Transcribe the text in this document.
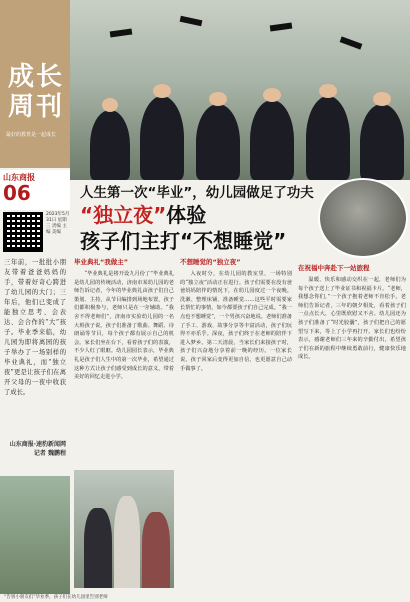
成长
周刊
最好的教育是一起成长
山东商报
06
2023年5月31日 星期三 责编 主编 美编
三年前，一批批小朋友带着爸爸妈妈的手，带着好奇心跨进了幼儿园的大门；三年后，他们已变成了能独立思考、会表达、会合作的“大”孩子。毕业季来临，幼儿园为即将离园的孩子举办了一场别样的毕业典礼，而“独立夜”更是让孩子们在离开父母的一夜中收获了成长。
山东商报·速豹新闻网记者 魏鹏程
人生第一次“毕业”，幼儿园做足了功夫
“独立夜”体验
孩子们主打“不想睡觉”
毕业典礼“我做主”

“毕业典礼是将开设九月份了”毕业典礼是幼儿园的传统活动，济南市某幼儿园的老师告诉记者，今年的毕业典礼由孩子们自己策划、主持，从节目编排到场地布置，孩子们都积极参与，老师只是在一旁辅助。“我舍不得老师们”，济南市实验幼儿园的一名大班孩子说。孩子们准备了歌曲、舞蹈、诗朗诵等节目，每个孩子都有展示自己的机会。家长们坐在台下，看着孩子们的表演，不少人红了眼眶。幼儿园园长表示，毕业典礼是孩子们人生中的第一次毕业，希望通过这种方式让孩子们感受到成长的意义，带着美好的回忆走进小学。

不想睡觉的“独立夜”

入夜时分，在幼儿园的教室里，一场特别的“独立夜”活动正在进行。孩子们需要在没有爸爸妈妈陪伴的情况下，在幼儿园度过一个夜晚。洗漱、整理床铺、准备睡觉……这些平时需要家长帮忙的事情，如今都要孩子们自己完成。“我一点也不想睡觉”，一个男孩兴奋地说。老师们准备了手工、游戏、故事分享等丰富活动，孩子们玩得不亦乐乎。深夜，孩子们终于在老师的陪伴下进入梦乡。第二天清晨，当家长们来接孩子时，孩子们兴奋地分享着前一晚的经历。一位家长说，孩子回家后变得更加自信，也更愿意自己动手做事了。

在祝福中奔赴下一站旅程

温暖、快乐和感动交织在一起，老师们为每个孩子送上了毕业证书和祝福卡片。“老师，我想念你们，”一个孩子抱着老师不肯松手。老师们告诉记者，三年的朝夕相处，看着孩子们一点点长大，心里既欣慰又不舍。幼儿园还为孩子们准备了“时光胶囊”，孩子们把自己的愿望写下来，等上了小学再打开。家长们也纷纷表示，感谢老师们三年来的辛勤付出，希望孩子们在新的旅程中继续勇敢前行，健康快乐地成长。

“告别小朋友们”毕业季，孩子们在幼儿园里告别老师
